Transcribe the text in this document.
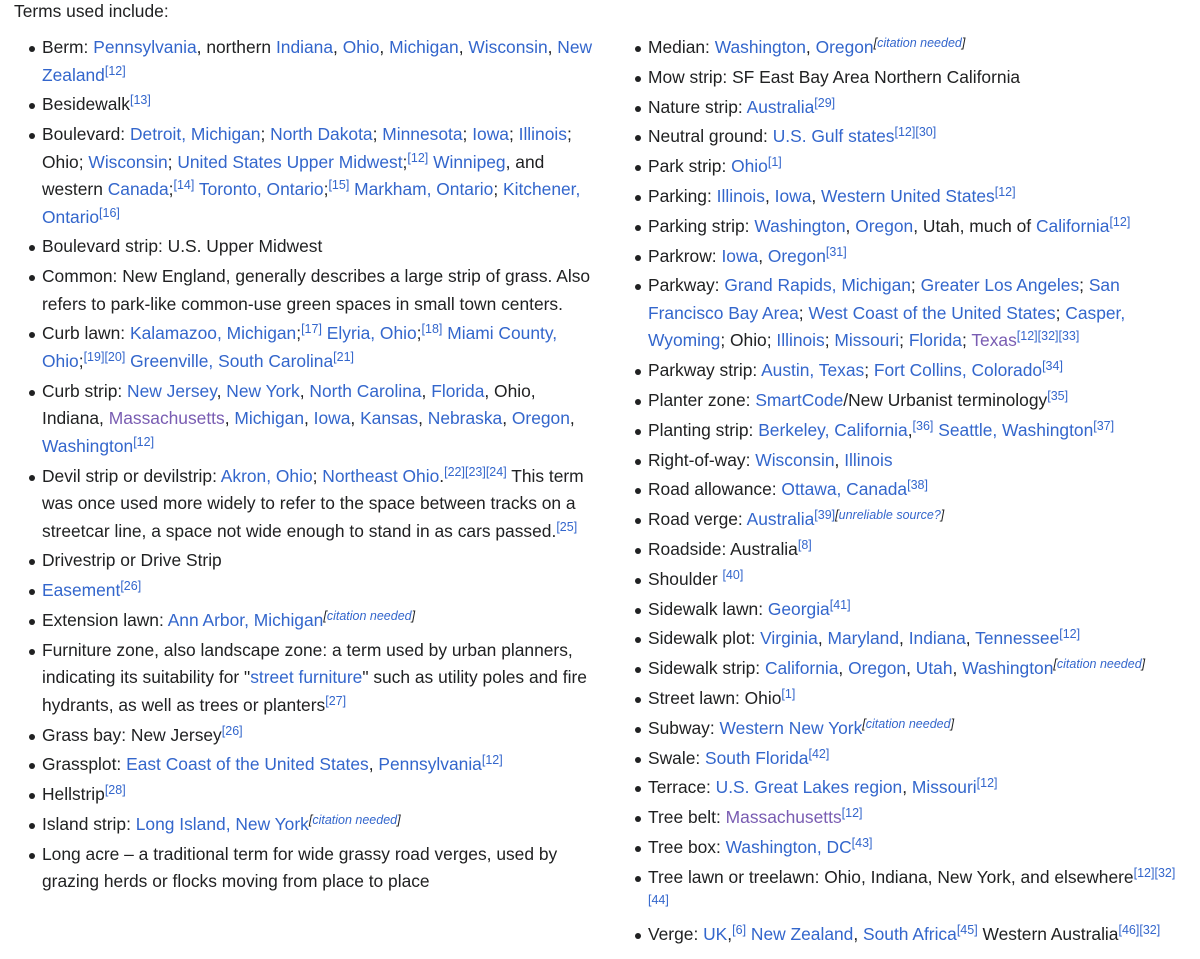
Terms used include:

Berm: Pennsylvania, northern Indiana, Ohio, Michigan, Wisconsin, New Zealand[12]
Besidewalk[13]
Boulevard: Detroit, Michigan; North Dakota; Minnesota; Iowa; Illinois; Ohio; Wisconsin; United States Upper Midwest;[12] Winnipeg, and western Canada;[14] Toronto, Ontario;[15] Markham, Ontario; Kitchener, Ontario[16]
Boulevard strip: U.S. Upper Midwest
Common: New England, generally describes a large strip of grass. Also refers to park-like common-use green spaces in small town centers.
Curb lawn: Kalamazoo, Michigan;[17] Elyria, Ohio;[18] Miami County, Ohio;[19][20] Greenville, South Carolina[21]
Curb strip: New Jersey, New York, North Carolina, Florida, Ohio, Indiana, Massachusetts, Michigan, Iowa, Kansas, Nebraska, Oregon, Washington[12]
Devil strip or devilstrip: Akron, Ohio; Northeast Ohio.[22][23][24] This term was once used more widely to refer to the space between tracks on a streetcar line, a space not wide enough to stand in as cars passed.[25]
Drivestrip or Drive Strip
Easement[26]
Extension lawn: Ann Arbor, Michigan[citation needed]
Furniture zone, also landscape zone: a term used by urban planners, indicating its suitability for "street furniture" such as utility poles and fire hydrants, as well as trees or planters[27]
Grass bay: New Jersey[26]
Grassplot: East Coast of the United States, Pennsylvania[12]
Hellstrip[28]
Island strip: Long Island, New York[citation needed]
Long acre – a traditional term for wide grassy road verges, used by grazing herds or flocks moving from place to place
Median: Washington, Oregon[citation needed]
Mow strip: SF East Bay Area Northern California
Nature strip: Australia[29]
Neutral ground: U.S. Gulf states[12][30]
Park strip: Ohio[1]
Parking: Illinois, Iowa, Western United States[12]
Parking strip: Washington, Oregon, Utah, much of California[12]
Parkrow: Iowa, Oregon[31]
Parkway: Grand Rapids, Michigan; Greater Los Angeles; San Francisco Bay Area; West Coast of the United States; Casper, Wyoming; Ohio; Illinois; Missouri; Florida; Texas[12][32][33]
Parkway strip: Austin, Texas; Fort Collins, Colorado[34]
Planter zone: SmartCode/New Urbanist terminology[35]
Planting strip: Berkeley, California,[36] Seattle, Washington[37]
Right-of-way: Wisconsin, Illinois
Road allowance: Ottawa, Canada[38]
Road verge: Australia[39][unreliable source?]
Roadside: Australia[8]
Shoulder [40]
Sidewalk lawn: Georgia[41]
Sidewalk plot: Virginia, Maryland, Indiana, Tennessee[12]
Sidewalk strip: California, Oregon, Utah, Washington[citation needed]
Street lawn: Ohio[1]
Subway: Western New York[citation needed]
Swale: South Florida[42]
Terrace: U.S. Great Lakes region, Missouri[12]
Tree belt: Massachusetts[12]
Tree box: Washington, DC[43]
Tree lawn or treelawn: Ohio, Indiana, New York, and elsewhere[12][32][44]
Verge: UK,[6] New Zealand, South Africa[45] Western Australia[46][32]
